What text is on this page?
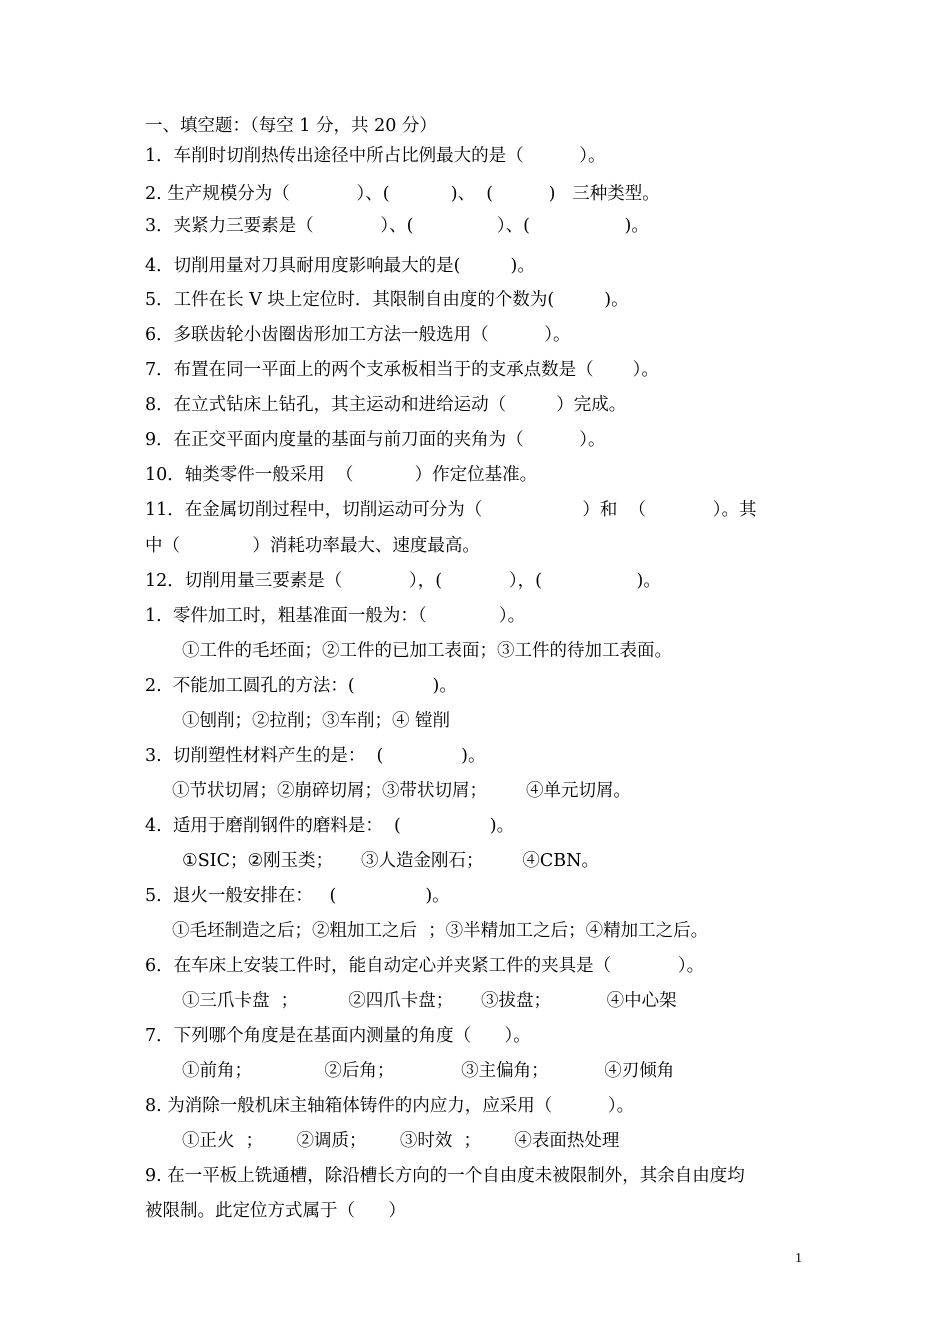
一、填空题：（每空 1 分，共 20 分）
1．车削时切削热传出途径中所占比例最大的是（          ）。
2. 生产规模分为（            ）、(           )、  (          )   三种类型。
3．夹紧力三要素是（            ）、(               ）、(                 )。
4．切削用量对刀具耐用度影响最大的是(         )。
5．工件在长 V 块上定位时．其限制自由度的个数为(         )。
6．多联齿轮小齿圈齿形加工方法一般选用（          ）。
7．布置在同一平面上的两个支承板相当于的支承点数是（       ）。
8．在立式钻床上钻孔，其主运动和进给运动（         ）完成。
9．在正交平面内度量的基面与前刀面的夹角为（          ）。
10．轴类零件一般采用  （           ）作定位基准。
11．在金属切削过程中，切削运动可分为（                  ）和  （            ）。其
中（             ）消耗功率最大、速度最高。
12．切削用量三要素是（            ），(            ），(                 )。
1.  零件加工时，粗基准面一般为：（             ）。
①工件的毛坯面；②工件的已加工表面；③工件的待加工表面。
2.  不能加工圆孔的方法：(              )。
①刨削；②拉削；③车削；④ 镗削
3.  切削塑性材料产生的是：  (              )。
①节状切屑；②崩碎切屑；③带状切屑；       ④单元切屑。
4.  适用于磨削钢件的磨料是：  (                )。
①SIC；②刚玉类；     ③人造金刚石；       ④CBN。
5.  退火一般安排在：   (                )。
①毛坯制造之后；②粗加工之后  ；③半精加工之后；④精加工之后。
6．在车床上安装工件时，能自动定心并夹紧工件的夹具是（            ）。
①三爪卡盘  ；         ②四爪卡盘；     ③拔盘；          ④中心架
7．下列哪个角度是在基面内测量的角度（      ）。
①前角；             ②后角；            ③主偏角；          ④刃倾角
8. 为消除一般机床主轴箱体铸件的内应力，应采用（          ）。
①正火  ；      ②调质；      ③时效  ；      ④表面热处理
9. 在一平板上铣通槽，除沿槽长方向的一个自由度未被限制外，其余自由度均
被限制。此定位方式属于（      ）
1
